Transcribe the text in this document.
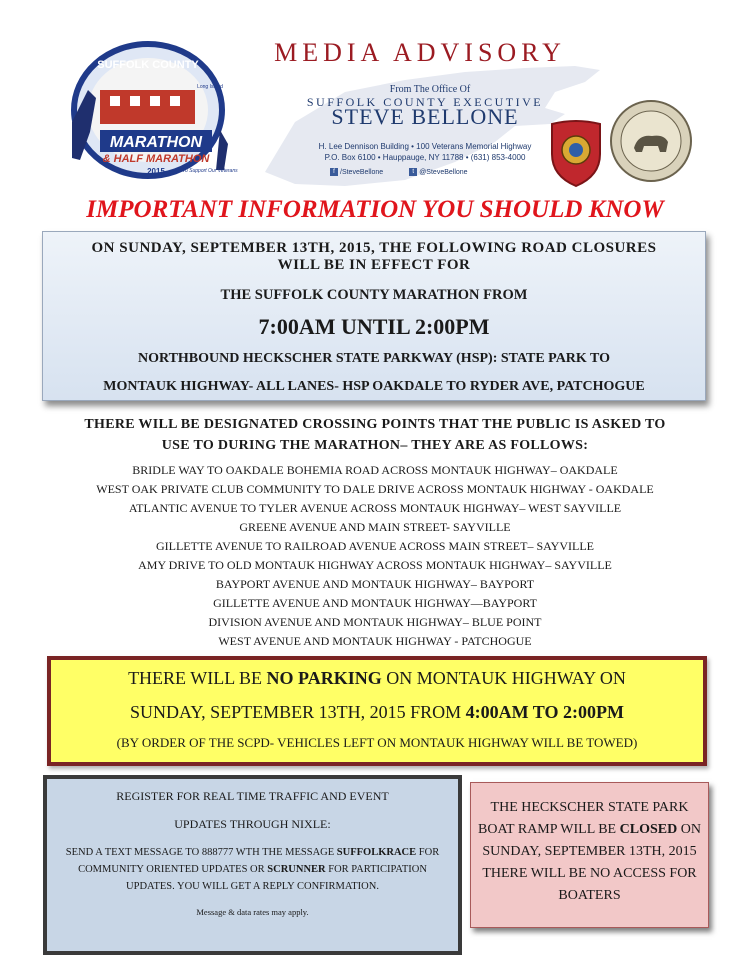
MEDIA ADVISORY
From The Office Of
SUFFOLK COUNTY EXECUTIVE
STEVE BELLONE
H. Lee Dennison Building • 100 Veterans Memorial Highway
P.O. Box 6100 • Hauppauge, NY 11788 • (631) 853-4000
f /SteveBellone	t @SteveBellone
SUFFOLK COUNTY
Long Island
MARATHON
& HALF MARATHON
2015	To Support Our Veterans
IMPORTANT INFORMATION YOU SHOULD KNOW
ON SUNDAY, SEPTEMBER 13TH, 2015, THE FOLLOWING ROAD CLOSURES
WILL BE IN EFFECT FOR
THE SUFFOLK COUNTY MARATHON FROM
7:00AM UNTIL 2:00PM
NORTHBOUND HECKSCHER STATE PARKWAY (HSP): STATE PARK TO
MONTAUK HIGHWAY- ALL LANES- HSP OAKDALE TO RYDER AVE, PATCHOGUE
THERE WILL BE DESIGNATED CROSSING POINTS THAT THE PUBLIC IS ASKED TO
USE TO DURING THE MARATHON– THEY ARE AS FOLLOWS:
BRIDLE WAY TO OAKDALE BOHEMIA ROAD ACROSS MONTAUK HIGHWAY– OAKDALE
WEST OAK PRIVATE CLUB COMMUNITY TO DALE DRIVE ACROSS MONTAUK HIGHWAY - OAKDALE
ATLANTIC AVENUE TO TYLER AVENUE ACROSS MONTAUK HIGHWAY– WEST SAYVILLE
GREENE AVENUE AND MAIN STREET- SAYVILLE
GILLETTE AVENUE TO RAILROAD AVENUE ACROSS MAIN STREET– SAYVILLE
AMY DRIVE TO OLD MONTAUK HIGHWAY ACROSS MONTAUK HIGHWAY– SAYVILLE
BAYPORT AVENUE AND MONTAUK HIGHWAY– BAYPORT
GILLETTE AVENUE AND MONTAUK HIGHWAY—BAYPORT
DIVISION AVENUE AND MONTAUK HIGHWAY– BLUE POINT
WEST AVENUE AND MONTAUK HIGHWAY - PATCHOGUE
THERE WILL BE NO PARKING ON MONTAUK HIGHWAY ON
SUNDAY, SEPTEMBER 13TH, 2015 FROM 4:00AM TO 2:00PM
(BY ORDER OF THE SCPD- VEHICLES LEFT ON MONTAUK HIGHWAY WILL BE TOWED)
REGISTER FOR REAL TIME TRAFFIC AND EVENT
UPDATES THROUGH NIXLE:
SEND A TEXT MESSAGE TO 888777 WTH THE MESSAGE SUFFOLKRACE FOR COMMUNITY ORIENTED UPDATES OR SCRUNNER FOR PARTICIPATION UPDATES. YOU WILL GET A REPLY CONFIRMATION.
Message & data rates may apply.
THE HECKSCHER STATE PARK BOAT RAMP WILL BE CLOSED ON SUNDAY, SEPTEMBER 13TH, 2015 THERE WILL BE NO ACCESS FOR BOATERS
